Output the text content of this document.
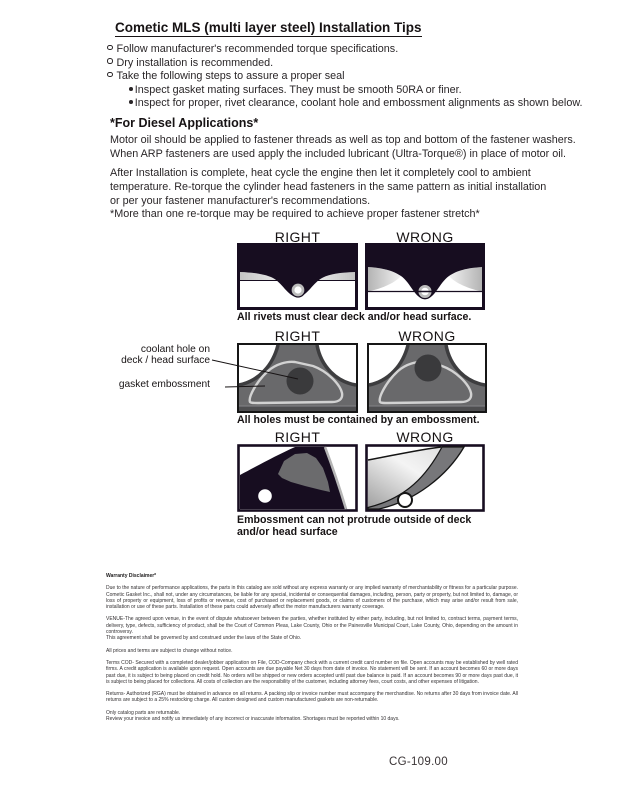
Cometic MLS (multi layer steel) Installation Tips
Follow manufacturer's recommended torque specifications.
Dry installation is recommended.
Take the following steps to assure a proper seal
Inspect gasket mating surfaces. They must be smooth 50RA or finer.
Inspect for proper, rivet clearance, coolant hole and embossment alignments as shown below.
*For Diesel Applications*
Motor oil should be applied to fastener threads as well as top and bottom of the fastener washers.
When ARP fasteners are used apply the included lubricant (Ultra-Torque®) in place of motor oil.
After Installation is complete, heat cycle the engine then let it completely cool to ambient
temperature. Re-torque the cylinder head fasteners in the same pattern as initial installation
or per your fastener manufacturer's recommendations.
*More than one re-torque may be required to achieve proper fastener stretch*
RIGHT	WRONG
All rivets must clear deck and/or head surface.
RIGHT	WRONG
coolant hole on
deck / head surface
gasket embossment
All holes must be contained by an embossment.
RIGHT	WRONG
Embossment can not protrude outside of deck
and/or head surface

Warranty Disclaimer*

Due to the nature of performance applications, the parts in this catalog are sold without any express warranty or any implied warranty of merchantability or fitness for a particular purpose. Cometic Gasket Inc., shall not, under any circumstances, be liable for any special, incidental or consequential damages, including, person, party or property, but not limited to, damage, or loss of property or equipment, loss of profits or revenue, cost of purchased or replacement goods, or claims of customers of the purchase, which may arise and/or result from sale, installation or use of these parts. Installation of these parts could adversely affect the motor manufacturers warranty coverage.

VENUE-The agreed upon venue, in the event of dispute whatsoever between the parties, whether instituted by either party, including, but not limited to, contract terms, payment terms, delivery, type, defects, sufficiency of product, shall be the Court of Common Pleas, Lake County, Ohio or the Painesville Municipal Court, Lake County, Ohio, depending on the amount in controversy.

This agreement shall be governed by and construed under the laws of the State of Ohio.

All prices and terms are subject to change without notice.

Terms COD- Secured with a completed dealer/jobber application on File, COD-Company check with a current credit card number on file. Open accounts may be established by well rated firms. A credit application is available upon request. Open accounts are due payable Net 30 days from date of invoice. No statement will be sent. If an account becomes 60 or more days past due, it is subject to being placed on credit hold. No orders will be shipped or new orders accepted until past due balance is paid. If an account becomes 90 or more days past due, it is subject to being placed for collections. All costs of collection are the responsibility of the customer, including attorney fees, court costs, and other expenses of litigation.

Returns- Authorized (RGA) must be obtained in advance on all returns. A packing slip or invoice number must accompany the merchandise. No returns after 30 days from invoice date. All returns are subject to a 25% restocking charge. All custom designed and custom manufactured gaskets are non-returnable.

Only catalog parts are returnable.

Review your invoice and notify us immediately of any incorrect or inaccurate information. Shortages must be reported within 10 days.

CG-109.00
